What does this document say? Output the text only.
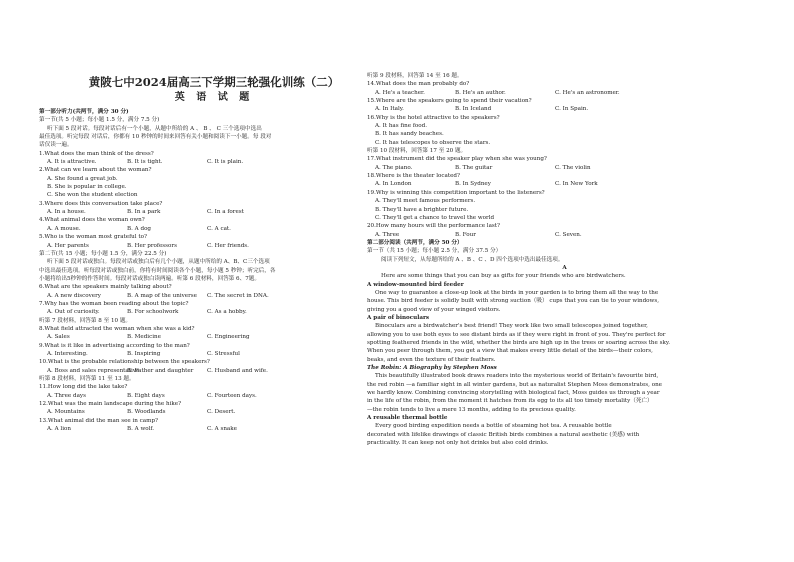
黄陂七中2024届高三下学期三轮强化训练（二）
英 语 试 题
第一部分听力(共两节，满分 30 分)
第一节(共 5 小题；每小题 1.5 分，满分 7.5 分)
听下面 5 段对话。每段对话后有一个小题，从题中所给的 A 、 B 、 C 三个选项中选出
最佳选项。听完每段 对话后，你都有 10 秒钟的时间来回答有关小题和阅读下一小题。每 段对
话仅读一遍。
1.What does the man think of the dress?
A. It is attractive.	B. It is tight.	C. It is plain.
2.What can we learn about the woman?
A. She found a great job.
B. She is popular in college.
C. She won the student election
3.Where does this conversation take place?
A. In a house.	B. In a park	C. In a forest
4.What animal does the woman own?
A. A mouse.	B. A dog	C. A cat.
5.Who is the woman most grateful to?
A. Her parents	B. Her professors	C. Her friends.
第二节(共 15 小题；每小题 1.5 分，满分 22.5 分)
听下面 5 段对话或独白。每段对话或独白后有几个小题，从题中所给的 A、B、C三个选项
中选出最佳选项。听每段对话或独白前，你将有时间阅读各个小题，每小题 5 秒钟；听完后，各
小题将给出5秒钟的作答时间。每段对话或独白读两遍。听第 6 段材料，回答第 6、7题。
6.What are the speakers mainly talking about?
A. A new discovery	B. A map of the universe	C. The secret in DNA.
7.Why has the woman been reading about the topic?
A. Out of curiosity.	B. For schoolwork	C. As a hobby.
听第 7 段材料，回答第 8 至 10 题。
8.What field attracted the woman when she was a kid?
A. Sales	B. Medicine	C. Engineering
9.What is it like in advertising according to the man?
A. Interesting.	B. Inspiring	C. Stressful
10.What is the probable relationship between the speakers?
A. Boss and sales representative
B. Father and daughter	C. Husband and wife.
听第 8 段材料，回答第 11 至 13 题。
11.How long did the lake take?
A. Three days	B. Eight days	C. Fourteen days.
12.What was the main landscape during the hike?
A. Mountains	B. Woodlands	C. Desert.
13.What animal did the man see in camp?
A. A lion	B. A wolf.	C. A snake
听第 9 段材料，回答第 14 至 16 题。
14.What does the man probably do?
A. He's a teacher.	B. He's an author.	C. He's an astronomer.
15.Where are the speakers going to spend their vacation?
A. In Italy.	B. In Iceland	C. In Spain.
16.Why is the hotel attractive to the speakers?
A. It has fine food.
B. It has sandy beaches.
C. It has telescopes to observe the stars.
听第 10 段材料，回答第 17 至 20 题。
17.What instrument did the speaker play when she was young?
A. The piano.	B. The guitar	C. The violin
18.Where is the theater located?
A. In London	B. In Sydney	C. In New York
19.Why is winning this competition important to the listeners?
A. They'll meet famous performers.
B. They'll have a brighter future.
C. They'll get a chance to travel the world
20.How many hours will the performance last?
A. Three	B. Four	C. Seven.
第二部分阅读（共两节，满分 50 分）
第一节（共 15 小题；每小题 2.5 分，满分 37.5 分）
阅读下列短文，从每题所给的 A 、B 、C 、D 四个选项中选出最佳选项。
A
Here are some things that you can buy as gifts for your friends who are birdwatchers.
A window-mounted bird feeder
One way to guarantee a close-up look at the birds in your garden is to bring them all the way to the
house. This bird feeder is solidly built with strong suction（吸） cups that you can tie to your windows,
giving you a good view of your winged visitors.
A pair of binoculars
Binoculars are a birdwatcher's best friend! They work like two small telescopes joined together,
allowing you to use both eyes to see distant birds as if they were right in front of you. They're perfect for
spotting feathered friends in the wild, whether the birds are high up in the trees or soaring across the sky.
When you peer through them, you get a view that makes every little detail of the birds—their colors,
beaks, and even the texture of their feathers.
The Robin: A Biography by Stephen Moss
This beautifully illustrated book draws readers into the mysterious world of Britain's favourite bird,
the red robin —a familiar sight in all winter gardens, but as naturalist Stephen Moss demonstrates, one
we hardly know. Combining convincing storytelling with biological fact, Moss guides us through a year
in the life of the robin, from the moment it hatches from its egg to its all too timely mortality（死亡）
—the robin tends to live a mere 13 months, adding to its precious quality.
A reusable thermal bottle
Every good birding expedition needs a bottle of steaming hot tea. A reusable bottle
decorated with lifelike drawings of classic British birds combines a natural aesthetic (美感) with
practicality. It can keep not only hot drinks but also cold drinks.
